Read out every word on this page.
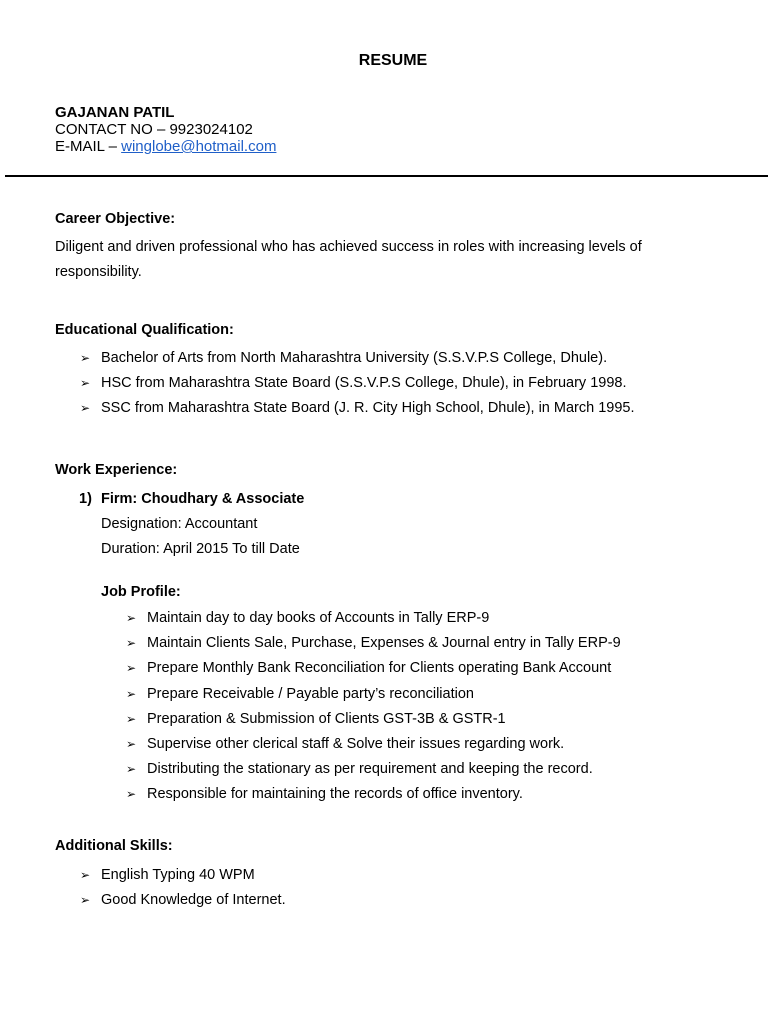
RESUME
GAJANAN PATIL
CONTACT NO – 9923024102
E-MAIL – winglobe@hotmail.com
Career Objective:
Diligent and driven professional who has achieved success in roles with increasing levels of
responsibility.
Educational Qualification:
➢ Bachelor of Arts from North Maharashtra University (S.S.V.P.S College, Dhule).
➢ HSC from Maharashtra State Board (S.S.V.P.S College, Dhule), in February 1998.
➢ SSC from Maharashtra State Board (J. R. City High School, Dhule), in March 1995.
Work Experience:
1) Firm: Choudhary & Associate
Designation: Accountant
Duration: April 2015 To till Date
Job Profile:
➢ Maintain day to day books of Accounts in Tally ERP-9
➢ Maintain Clients Sale, Purchase, Expenses & Journal entry in Tally ERP-9
➢ Prepare Monthly Bank Reconciliation for Clients operating Bank Account
➢ Prepare Receivable / Payable party’s reconciliation
➢ Preparation & Submission of Clients GST-3B & GSTR-1
➢ Supervise other clerical staff & Solve their issues regarding work.
➢ Distributing the stationary as per requirement and keeping the record.
➢ Responsible for maintaining the records of office inventory.
Additional Skills:
➢ English Typing 40 WPM
➢ Good Knowledge of Internet.
